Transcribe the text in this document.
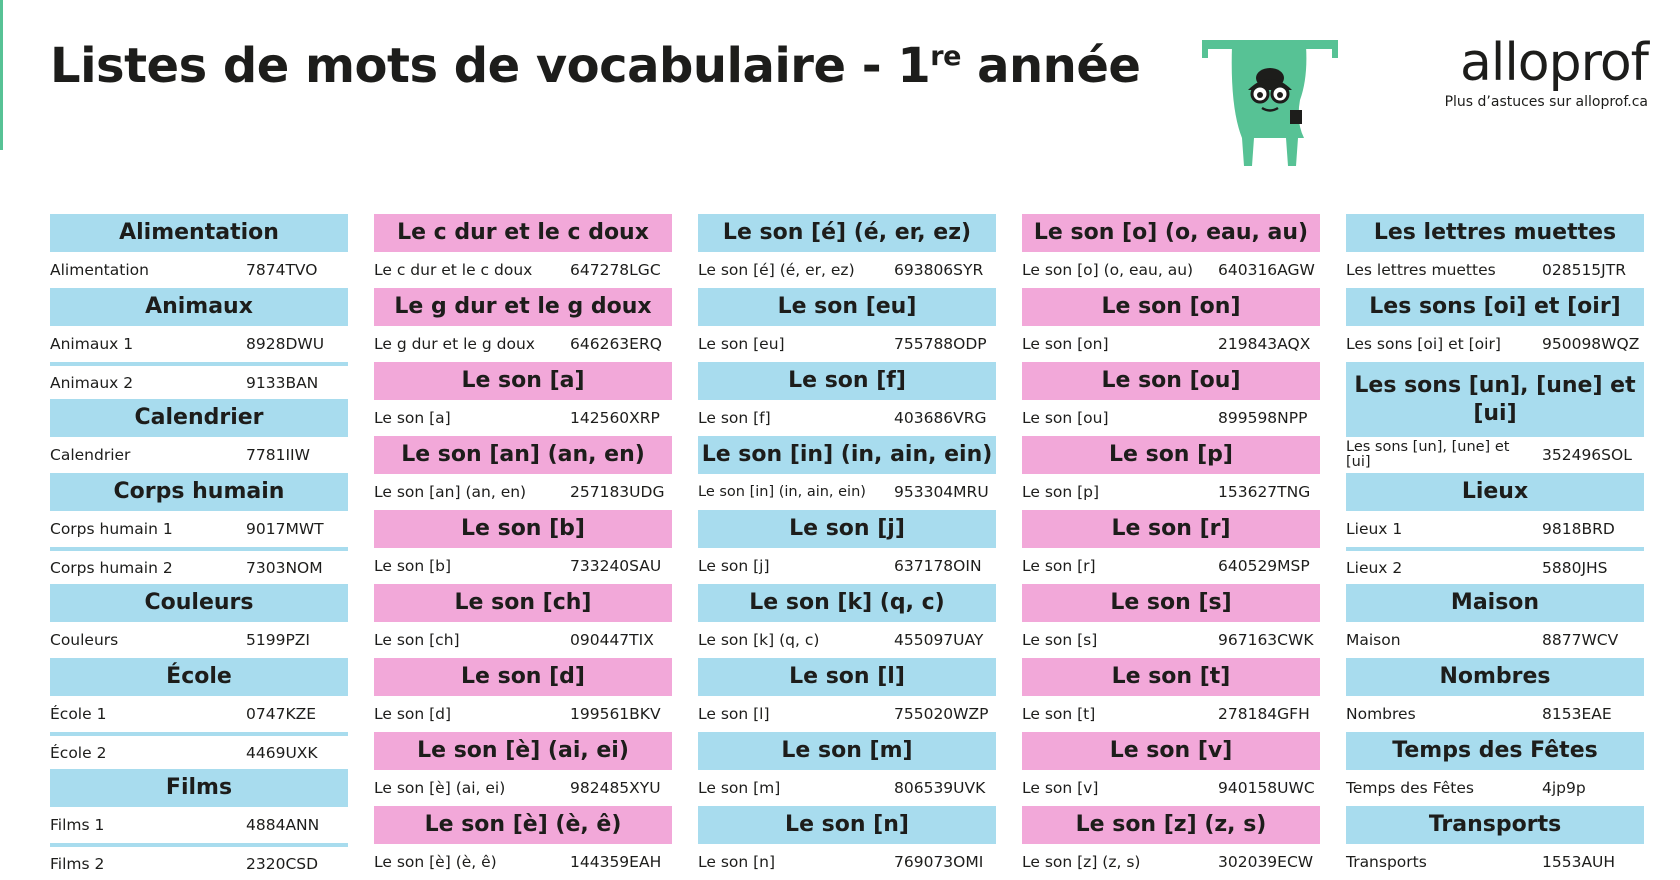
Listes de mots de vocabulaire - 1re année	alloprof
Plus d’astuces sur alloprof.ca
Alimentation
Alimentation	7874TVO
Animaux
Animaux 1	8928DWU
Animaux 2	9133BAN
Calendrier
Calendrier	7781IIW
Corps humain
Corps humain 1	9017MWT
Corps humain 2	7303NOM
Couleurs
Couleurs	5199PZI
École
École 1	0747KZE
École 2	4469UXK
Films
Films 1	4884ANN
Films 2	2320CSD
Le c dur et le c doux
Le c dur et le c doux 647278LGC
Le g dur et le g doux
Le g dur et le g doux 646263ERQ
Le son [a]
Le son [a]	142560XRP
Le son [an] (an, en)
Le son [an] (an, en)	257183UDG
Le son [b]
Le son [b]	733240SAU
Le son [ch]
Le son [ch]	090447TIX
Le son [d]
Le son [d]	199561BKV
Le son [è] (ai, ei)
Le son [è] (ai, ei)	982485XYU
Le son [è] (è, ê)
Le son [è] (è, ê)	144359EAH
Le son [é] (é, er, ez)
Le son [é] (é, er, ez)	693806SYR
Le son [eu]
Le son [eu]	755788ODP
Le son [f]
Le son [f]	403686VRG
Le son [in] (in, ain, ein)
Le son [in] (in, ain, ein)	953304MRU
Le son [j]
Le son [j]	637178OIN
Le son [k] (q, c)
Le son [k] (q, c)	455097UAY
Le son [l]
Le son [l]	755020WZP
Le son [m]
Le son [m]	806539UVK
Le son [n]
Le son [n]	769073OMI
Le son [o] (o, eau, au)
Le son [o] (o, eau, au) 640316AGW
Le son [on]
Le son [on]	219843AQX
Le son [ou]
Le son [ou]	899598NPP
Le son [p]
Le son [p]	153627TNG
Le son [r]
Le son [r]	640529MSP
Le son [s]
Le son [s]	967163CWK
Le son [t]
Le son [t]	278184GFH
Le son [v]
Le son [v]	940158UWC
Le son [z] (z, s)
Le son [z] (z, s)	302039ECW
Les lettres muettes
Les lettres muettes	028515JTR
Les sons [oi] et [oir]
Les sons [oi] et [oir]	950098WQZ
Les sons [un], [une] et [ui]
Les sons [un], [une] et [ui]	352496SOL
Lieux
Lieux 1	9818BRD
Lieux 2	5880JHS
Maison
Maison	8877WCV
Nombres
Nombres	8153EAE
Temps des Fêtes
Temps des Fêtes	4jp9p
Transports
Transports	1553AUH
